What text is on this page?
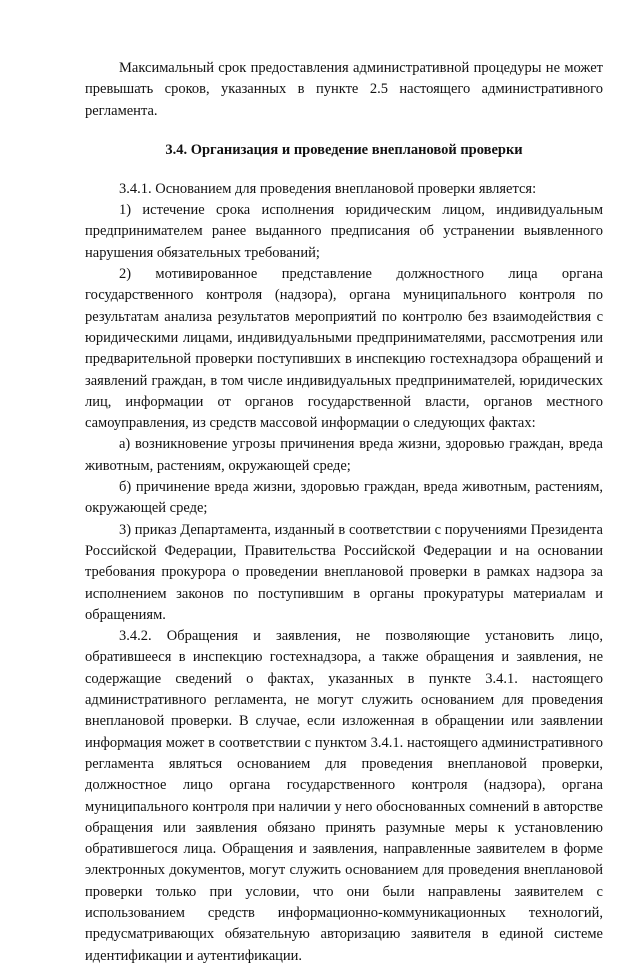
Максимальный срок предоставления административной процедуры не может превышать сроков, указанных в пункте 2.5 настоящего административного регламента.

3.4. Организация и проведение внеплановой проверки

3.4.1. Основанием для проведения внеплановой проверки является:

1) истечение срока исполнения юридическим лицом, индивидуальным предпринимателем ранее выданного предписания об устранении выявленного нарушения обязательных требований;

2) мотивированное представление должностного лица органа государственного контроля (надзора), органа муниципального контроля по результатам анализа результатов мероприятий по контролю без взаимодействия с юридическими лицами, индивидуальными предпринимателями, рассмотрения или предварительной проверки поступивших в инспекцию гостехнадзора обращений и заявлений граждан, в том числе индивидуальных предпринимателей, юридических лиц, информации от органов государственной власти, органов местного самоуправления, из средств массовой информации о следующих фактах:

а) возникновение угрозы причинения вреда жизни, здоровью граждан, вреда животным, растениям, окружающей среде;

б) причинение вреда жизни, здоровью граждан, вреда животным, растениям, окружающей среде;

3) приказ Департамента, изданный в соответствии с поручениями Президента Российской Федерации, Правительства Российской Федерации и на основании требования прокурора о проведении внеплановой проверки в рамках надзора за исполнением законов по поступившим в органы прокуратуры материалам и обращениям.

3.4.2. Обращения и заявления, не позволяющие установить лицо, обратившееся в инспекцию гостехнадзора, а также обращения и заявления, не содержащие сведений о фактах, указанных в пункте 3.4.1. настоящего административного регламента, не могут служить основанием для проведения внеплановой проверки. В случае, если изложенная в обращении или заявлении информация может в соответствии с пунктом 3.4.1. настоящего административного регламента являться основанием для проведения внеплановой проверки, должностное лицо органа государственного контроля (надзора), органа муниципального контроля при наличии у него обоснованных сомнений в авторстве обращения или заявления обязано принять разумные меры к установлению обратившегося лица. Обращения и заявления, направленные заявителем в форме электронных документов, могут служить основанием для проведения внеплановой проверки только при условии, что они были направлены заявителем с использованием средств информационно-коммуникационных технологий, предусматривающих обязательную авторизацию заявителя в единой системе идентификации и аутентификации.
